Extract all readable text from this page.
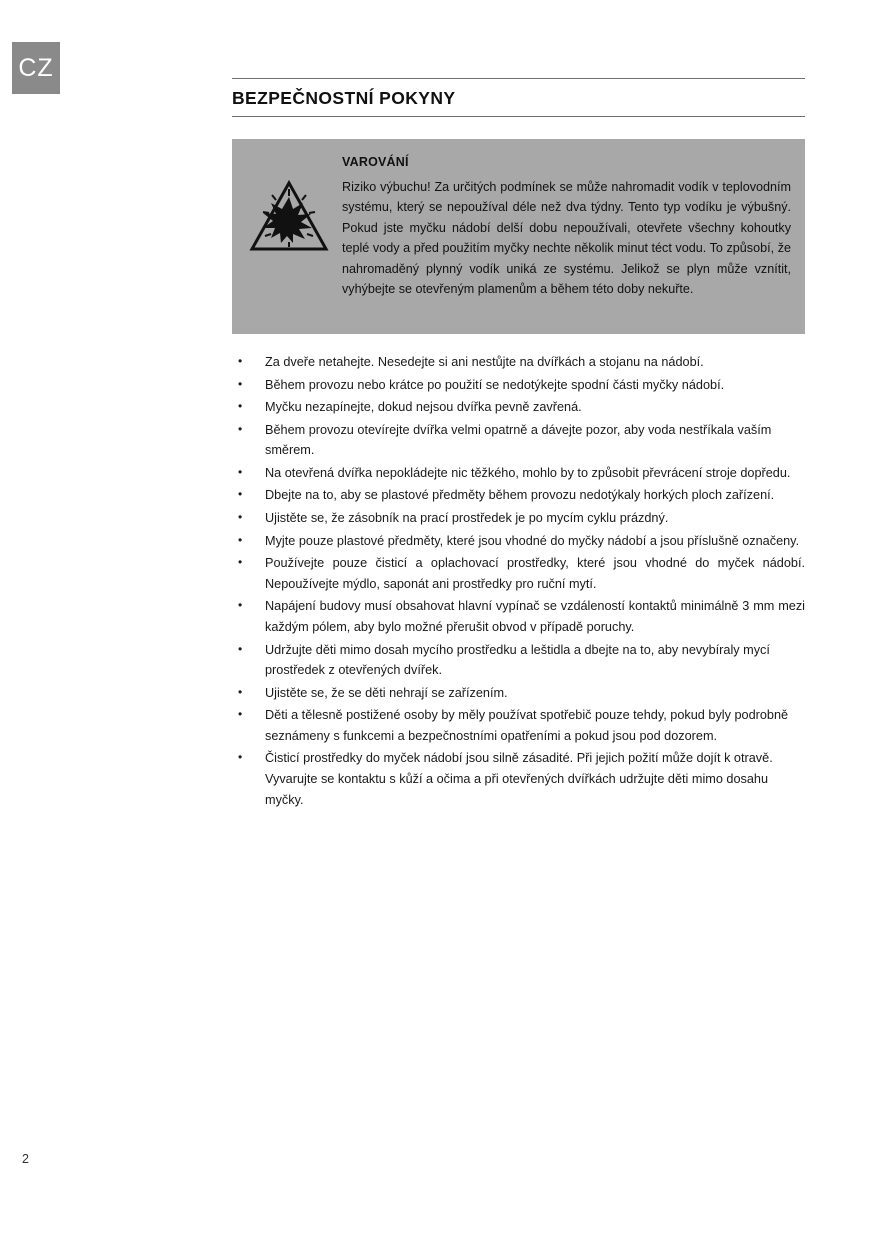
CZ
BEZPEČNOSTNÍ POKYNY
VAROVÁNÍ
Riziko výbuchu! Za určitých podmínek se může nahromadit vodík v teplovodním systému, který se nepoužíval déle než dva týdny. Tento typ vodíku je výbušný. Pokud jste myčku nádobí delší dobu nepoužívali, otevřete všechny kohoutky teplé vody a před použitím myčky nechte několik minut téct vodu. To způsobí, že nahromaděný plynný vodík uniká ze systému. Jelikož se plyn může vznítit, vyhýbejte se otevřeným plamenům a během této doby nekuřte.
• Za dveře netahejte. Nesedejte si ani nestůjte na dvířkách a stojanu na nádobí.
• Během provozu nebo krátce po použití se nedotýkejte spodní části myčky nádobí.
• Myčku nezapínejte, dokud nejsou dvířka pevně zavřená.
• Během provozu otevírejte dvířka velmi opatrně a dávejte pozor, aby voda nestříkala vaším směrem.
• Na otevřená dvířka nepokládejte nic těžkého, mohlo by to způsobit převrácení stroje dopředu.
• Dbejte na to, aby se plastové předměty během provozu nedotýkaly horkých ploch zařízení.
• Ujistěte se, že zásobník na prací prostředek je po mycím cyklu prázdný.
• Myjte pouze plastové předměty, které jsou vhodné do myčky nádobí a jsou příslušně označeny.
• Používejte pouze čisticí a oplachovací prostředky, které jsou vhodné do myček nádobí. Nepoužívejte mýdlo, saponát ani prostředky pro ruční mytí.
• Napájení budovy musí obsahovat hlavní vypínač se vzdáleností kontaktů minimálně 3 mm mezi každým pólem, aby bylo možné přerušit obvod v případě poruchy.
• Udržujte děti mimo dosah mycího prostředku a leštidla a dbejte na to, aby nevybíraly mycí prostředek z otevřených dvířek.
• Ujistěte se, že se děti nehrají se zařízením.
• Děti a tělesně postižené osoby by měly používat spotřebič pouze tehdy, pokud byly podrobně seznámeny s funkcemi a bezpečnostními opatřeními a pokud jsou pod dozorem.
• Čisticí prostředky do myček nádobí jsou silně zásadité. Při jejich požití může dojít k otravě. Vyvarujte se kontaktu s kůží a očima a při otevřených dvířkách udržujte děti mimo dosahu myčky.
2
